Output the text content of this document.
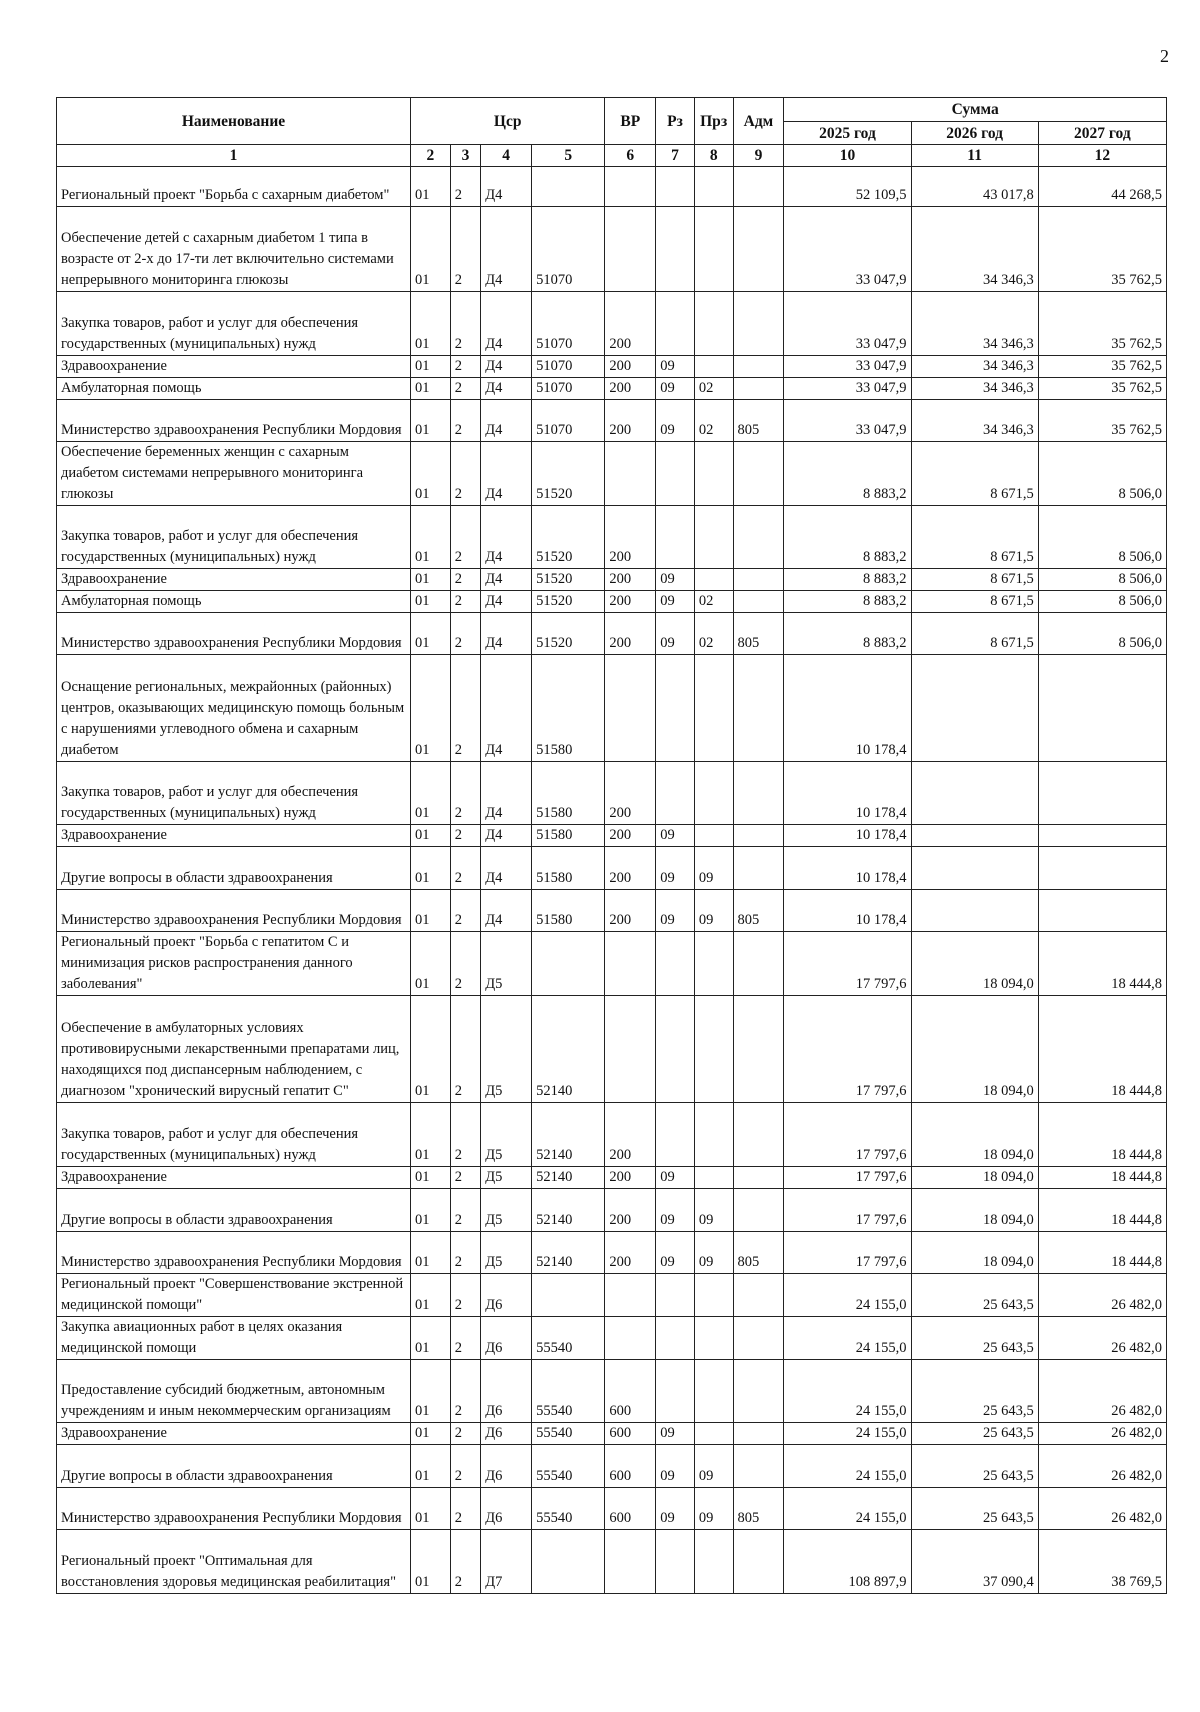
2
Наименование	Цср				ВР	Рз	Прз	Адм	Сумма		
									2025 год	2026 год	2027 год
1	2	3	4	5	6	7	8	9	10	11	12
Региональный проект "Борьба с сахарным диабетом"	01	2	Д4						52 109,5	43 017,8	44 268,5
Обеспечение детей с сахарным диабетом 1 типа в возрасте от 2-х до 17-ти лет включительно системами непрерывного мониторинга глюкозы	01	2	Д4	51070					33 047,9	34 346,3	35 762,5
Закупка товаров, работ и услуг для обеспечения государственных (муниципальных) нужд	01	2	Д4	51070	200				33 047,9	34 346,3	35 762,5
Здравоохранение	01	2	Д4	51070	200	09			33 047,9	34 346,3	35 762,5
Амбулаторная помощь	01	2	Д4	51070	200	09	02		33 047,9	34 346,3	35 762,5
Министерство здравоохранения Республики Мордовия	01	2	Д4	51070	200	09	02	805	33 047,9	34 346,3	35 762,5
Обеспечение беременных женщин с сахарным диабетом системами непрерывного мониторинга глюкозы	01	2	Д4	51520					8 883,2	8 671,5	8 506,0
Закупка товаров, работ и услуг для обеспечения государственных (муниципальных) нужд	01	2	Д4	51520	200				8 883,2	8 671,5	8 506,0
Здравоохранение	01	2	Д4	51520	200	09			8 883,2	8 671,5	8 506,0
Амбулаторная помощь	01	2	Д4	51520	200	09	02		8 883,2	8 671,5	8 506,0
Министерство здравоохранения Республики Мордовия	01	2	Д4	51520	200	09	02	805	8 883,2	8 671,5	8 506,0
Оснащение региональных, межрайонных (районных) центров, оказывающих медицинскую помощь больным с нарушениями углеводного обмена и сахарным диабетом	01	2	Д4	51580					10 178,4		
Закупка товаров, работ и услуг для обеспечения государственных (муниципальных) нужд	01	2	Д4	51580	200				10 178,4		
Здравоохранение	01	2	Д4	51580	200	09			10 178,4		
Другие вопросы в области здравоохранения	01	2	Д4	51580	200	09	09		10 178,4		
Министерство здравоохранения Республики Мордовия	01	2	Д4	51580	200	09	09	805	10 178,4		
Региональный проект "Борьба с гепатитом С и минимизация рисков распространения данного заболевания"	01	2	Д5						17 797,6	18 094,0	18 444,8
Обеспечение в амбулаторных условиях противовирусными лекарственными препаратами лиц, находящихся под диспансерным наблюдением, с диагнозом "хронический вирусный гепатит С"	01	2	Д5	52140					17 797,6	18 094,0	18 444,8
Закупка товаров, работ и услуг для обеспечения государственных (муниципальных) нужд	01	2	Д5	52140	200				17 797,6	18 094,0	18 444,8
Здравоохранение	01	2	Д5	52140	200	09			17 797,6	18 094,0	18 444,8
Другие вопросы в области здравоохранения	01	2	Д5	52140	200	09	09		17 797,6	18 094,0	18 444,8
Министерство здравоохранения Республики Мордовия	01	2	Д5	52140	200	09	09	805	17 797,6	18 094,0	18 444,8
Региональный проект "Совершенствование экстренной медицинской помощи"	01	2	Д6						24 155,0	25 643,5	26 482,0
Закупка авиационных работ в целях оказания медицинской помощи	01	2	Д6	55540					24 155,0	25 643,5	26 482,0
Предоставление субсидий бюджетным, автономным учреждениям и иным некоммерческим организациям	01	2	Д6	55540	600				24 155,0	25 643,5	26 482,0
Здравоохранение	01	2	Д6	55540	600	09			24 155,0	25 643,5	26 482,0
Другие вопросы в области здравоохранения	01	2	Д6	55540	600	09	09		24 155,0	25 643,5	26 482,0
Министерство здравоохранения Республики Мордовия	01	2	Д6	55540	600	09	09	805	24 155,0	25 643,5	26 482,0
Региональный проект "Оптимальная для восстановления здоровья медицинская реабилитация"	01	2	Д7						108 897,9	37 090,4	38 769,5
